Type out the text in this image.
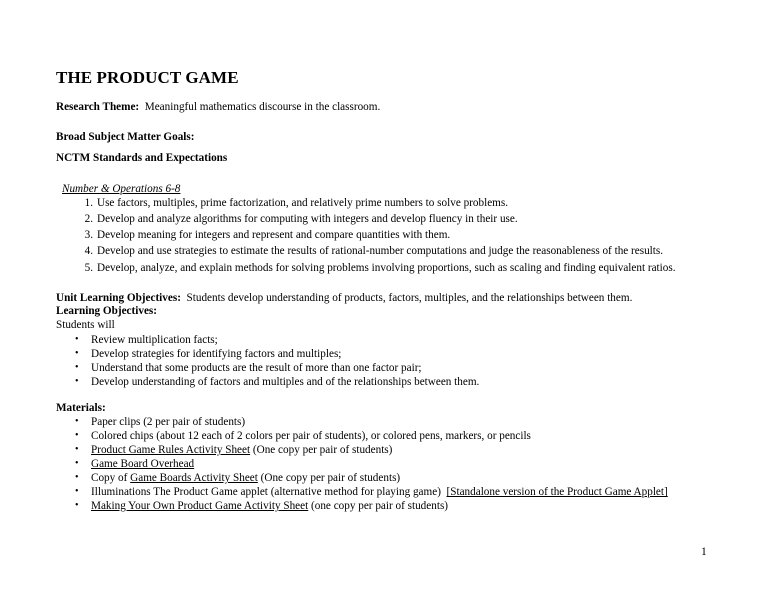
THE PRODUCT GAME
Research Theme: Meaningful mathematics discourse in the classroom.
Broad Subject Matter Goals:
NCTM Standards and Expectations
Number & Operations 6-8
1. Use factors, multiples, prime factorization, and relatively prime numbers to solve problems.
2. Develop and analyze algorithms for computing with integers and develop fluency in their use.
3. Develop meaning for integers and represent and compare quantities with them.
4. Develop and use strategies to estimate the results of rational-number computations and judge the reasonableness of the results.
5. Develop, analyze, and explain methods for solving problems involving proportions, such as scaling and finding equivalent ratios.
Unit Learning Objectives: Students develop understanding of products, factors, multiples, and the relationships between them.
Learning Objectives:
Students will
• Review multiplication facts;
• Develop strategies for identifying factors and multiples;
• Understand that some products are the result of more than one factor pair;
• Develop understanding of factors and multiples and of the relationships between them.
Materials:
• Paper clips (2 per pair of students)
• Colored chips (about 12 each of 2 colors per pair of students), or colored pens, markers, or pencils
• Product Game Rules Activity Sheet (One copy per pair of students)
• Game Board Overhead
• Copy of Game Boards Activity Sheet (One copy per pair of students)
• Illuminations The Product Game applet (alternative method for playing game)  [Standalone version of the Product Game Applet]
• Making Your Own Product Game Activity Sheet (one copy per pair of students)
1
